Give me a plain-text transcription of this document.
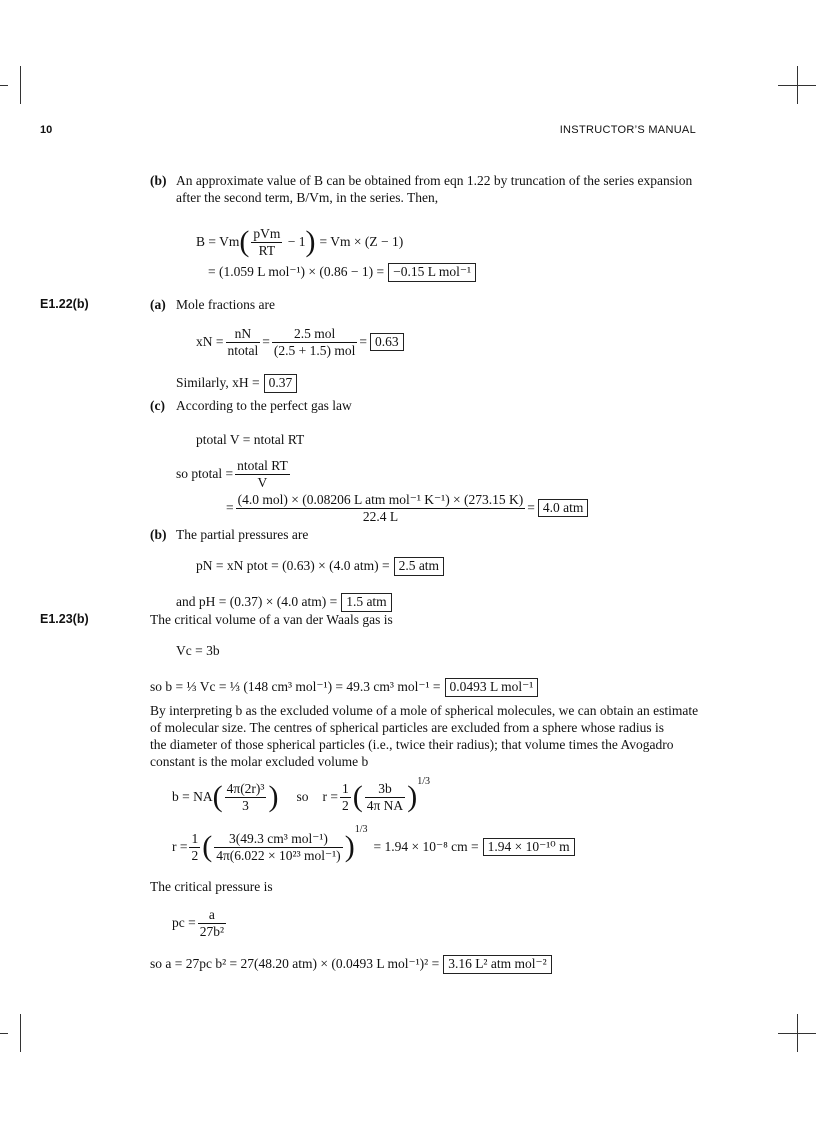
10	INSTRUCTOR’S MANUAL
(b) An approximate value of B can be obtained from eqn 1.22 by truncation of the series expansion
after the second term, B/Vm, in the series. Then,
B = Vm ( $\frac{\text{pVm}}{RT} - 1$ ) = Vm × (Z − 1)
= (1.059 L mol⁻¹) × (0.86 − 1) = −0.15 L mol⁻¹
E1.22(b)	(a) Mole fractions are
xN = $\frac{nN}{\text{ntotal}} = \frac{\text{2.5 mol}}{\text{(2.5 + 1.5) mol}} = 0.63$
Similarly, xH = 0.37
(c) According to the perfect gas law
ptotal V = ntotal RT
so ptotal = $\frac{\text{ntotal RT}}{V}$
= $\frac{\text{(4.0 mol) × (0.08206 L atm mol⁻¹ K⁻¹) × (273.15 K)}}{22.4 L} = 4.0$ atm
(b) The partial pressures are
pN = xN ptot = (0.63) × (4.0 atm) = 2.5 atm
and pH = (0.37) × (4.0 atm) = 1.5 atm
E1.23(b)	The critical volume of a van der Waals gas is
Vc = 3b
so b = ⅓ Vc = ⅓ (148 cm³ mol⁻¹) = 49.3 cm³ mol⁻¹ = 0.0493 L mol⁻¹
By interpreting b as the excluded volume of a mole of spherical molecules, we can obtain an estimate
of molecular size. The centres of spherical particles are excluded from a sphere whose radius is
the diameter of those spherical particles (i.e., twice their radius); that volume times the Avogadro
constant is the molar excluded volume b
b = NA ( $\frac{\text{4π(2r)³}}{3}$ ) so $r = \frac{1}{2}$ ( $\frac{3b}{\text{4π NA}}$ ) 1/3
$r = \frac{1}{2}$ ( $\frac{\text{3(49.3 cm³ mol⁻¹)}}{\text{4π(6.022 × 10²³ mol⁻¹)}}$ )
1/3
= 1.94 × 10⁻⁸ cm = 1.94 × 10⁻¹⁰ m
The critical pressure is
pc = $\frac{a}{\text{27b²}}$
so a = 27pc b² = 27(48.20 atm) × (0.0493 L mol⁻¹)² = 3.16 L² atm mol⁻²
